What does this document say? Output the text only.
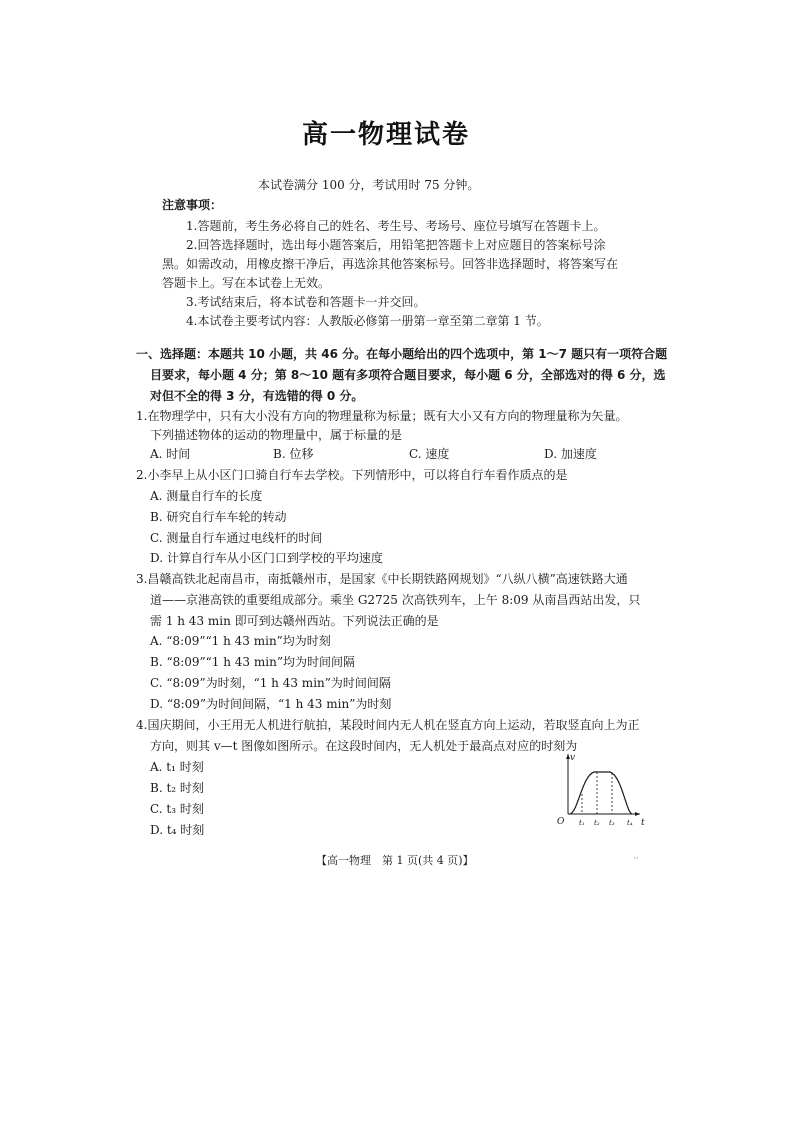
高一物理试卷
本试卷满分 100 分，考试用时 75 分钟。
注意事项：
1.答题前，考生务必将自己的姓名、考生号、考场号、座位号填写在答题卡上。
2.回答选择题时，选出每小题答案后，用铅笔把答题卡上对应题目的答案标号涂
黑。如需改动，用橡皮擦干净后，再选涂其他答案标号。回答非选择题时，将答案写在
答题卡上。写在本试卷上无效。
3.考试结束后，将本试卷和答题卡一并交回。
4.本试卷主要考试内容：人教版必修第一册第一章至第二章第 1 节。
一、选择题：本题共 10 小题，共 46 分。在每小题给出的四个选项中，第 1～7 题只有一项符合题
目要求，每小题 4 分；第 8～10 题有多项符合题目要求，每小题 6 分，全部选对的得 6 分，选
对但不全的得 3 分，有选错的得 0 分。
1.在物理学中，只有大小没有方向的物理量称为标量；既有大小又有方向的物理量称为矢量。
下列描述物体的运动的物理量中，属于标量的是
A. 时间	B. 位移	C. 速度	D. 加速度
2.小李早上从小区门口骑自行车去学校。下列情形中，可以将自行车看作质点的是
A. 测量自行车的长度
B. 研究自行车车轮的转动
C. 测量自行车通过电线杆的时间
D. 计算自行车从小区门口到学校的平均速度
3.昌赣高铁北起南昌市，南抵赣州市，是国家《中长期铁路网规划》“八纵八横”高速铁路大通
道——京港高铁的重要组成部分。乘坐 G2725 次高铁列车，上午 8:09 从南昌西站出发，只
需 1 h 43 min 即可到达赣州西站。下列说法正确的是
A. “8:09”“1 h 43 min”均为时刻
B. “8:09”“1 h 43 min”均为时间间隔
C. “8:09”为时刻，“1 h 43 min”为时间间隔
D. “8:09”为时间间隔，“1 h 43 min”为时刻
4.国庆期间，小王用无人机进行航拍，某段时间内无人机在竖直方向上运动，若取竖直向上为正
方向，则其 v—t 图像如图所示。在这段时间内，无人机处于最高点对应的时刻为
A. t₁ 时刻
B. t₂ 时刻
C. t₃ 时刻
D. t₄ 时刻
v
O	t
t₁ t₂ t₃ t₄
【高一物理　第 1 页(共 4 页)】	··
